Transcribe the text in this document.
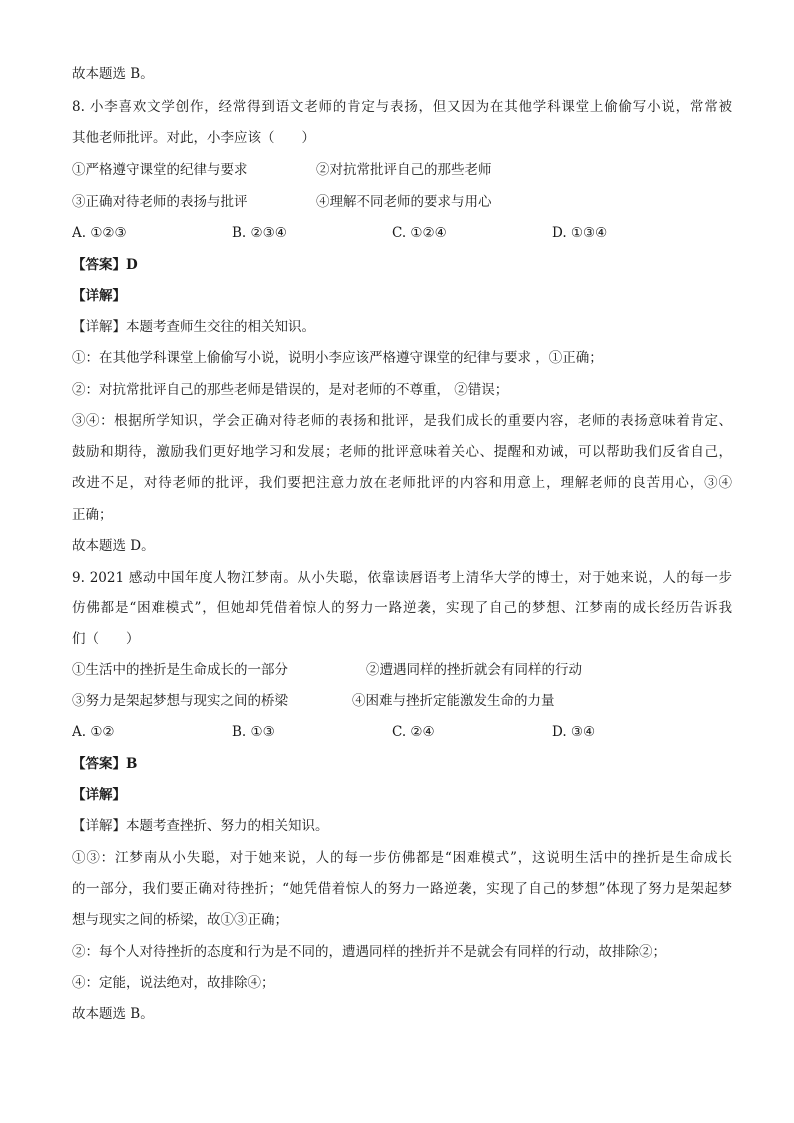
故本题选 B。
8. 小李喜欢文学创作，经常得到语文老师的肯定与表扬，但又因为在其他学科课堂上偷偷写小说，常常被
其他老师批评。对此，小李应该（　　）
①严格遵守课堂的纪律与要求	②对抗常批评自己的那些老师
③正确对待老师的表扬与批评	④理解不同老师的要求与用心
A. ①②③	B. ②③④	C. ①②④	D. ①③④
【答案】D
【详解】
【详解】本题考查师生交往的相关知识。
①：在其他学科课堂上偷偷写小说，说明小李应该严格遵守课堂的纪律与要求 ，①正确；
②：对抗常批评自己的那些老师是错误的，是对老师的不尊重， ②错误；
③④：根据所学知识，学会正确对待老师的表扬和批评，是我们成长的重要内容，老师的表扬意味着肯定、
鼓励和期待，激励我们更好地学习和发展；老师的批评意味着关心、提醒和劝诫，可以帮助我们反省自己，
改进不足，对待老师的批评，我们要把注意力放在老师批评的内容和用意上，理解老师的良苦用心，③④
正确；
故本题选 D。
9. 2021 感动中国年度人物江梦南。从小失聪，依靠读唇语考上清华大学的博士，对于她来说，人的每一步
仿佛都是“困难模式”，但她却凭借着惊人的努力一路逆袭，实现了自己的梦想、江梦南的成长经历告诉我
们（　　）
①生活中的挫折是生命成长的一部分	②遭遇同样的挫折就会有同样的行动
③努力是架起梦想与现实之间的桥梁	④困难与挫折定能激发生命的力量
A. ①②	B. ①③	C. ②④	D. ③④
【答案】B
【详解】
【详解】本题考查挫折、努力的相关知识。
①③：江梦南从小失聪，对于她来说，人的每一步仿佛都是“困难模式”，这说明生活中的挫折是生命成长
的一部分，我们要正确对待挫折；“她凭借着惊人的努力一路逆袭，实现了自己的梦想”体现了努力是架起梦
想与现实之间的桥梁，故①③正确；
②：每个人对待挫折的态度和行为是不同的，遭遇同样的挫折并不是就会有同样的行动，故排除②；
④：定能，说法绝对，故排除④；
故本题选 B。
